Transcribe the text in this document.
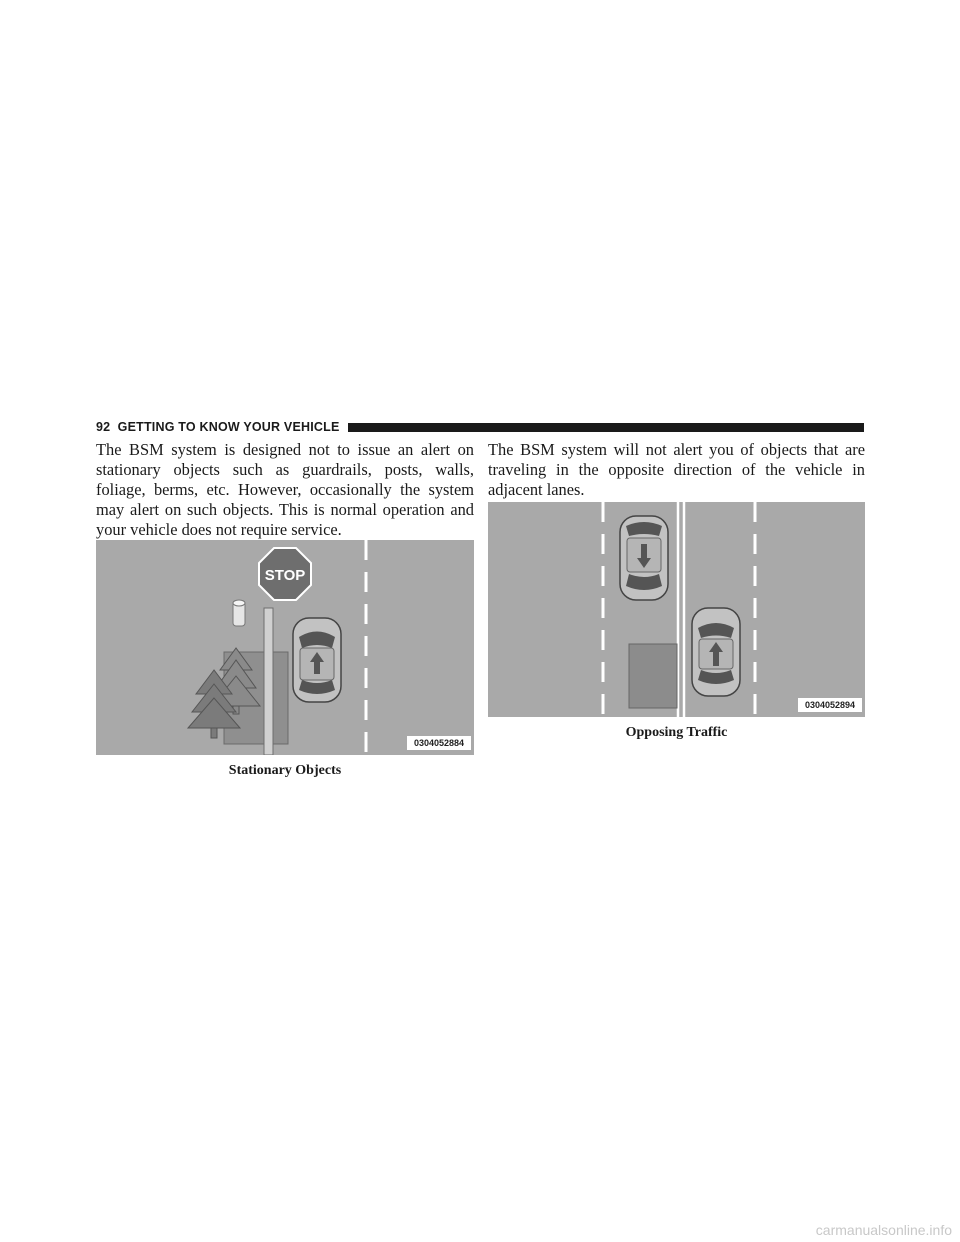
92 GETTING TO KNOW YOUR VEHICLE

The BSM system is designed not to issue an alert on stationary objects such as guardrails, posts, walls, foliage, berms, etc. However, occasionally the system may alert on such objects. This is normal operation and your vehicle does not require service.

The BSM system will not alert you of objects that are traveling in the opposite direction of the vehicle in adjacent lanes.

STOP
0304052884
Stationary Objects
0304052894
Opposing Traffic
carmanualsonline.info
